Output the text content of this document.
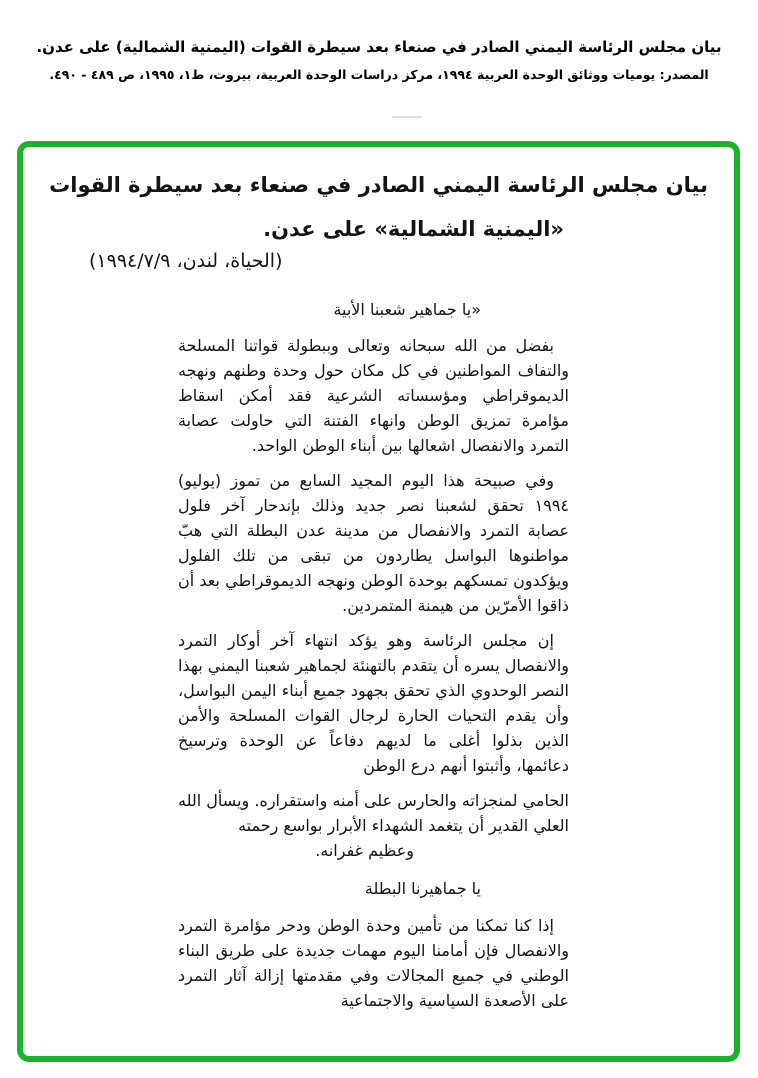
بيان مجلس الرئاسة اليمني الصادر في صنعاء بعد سيطرة القوات (اليمنية الشمالية) على عدن.
المصدر: يوميات ووثائق الوحدة العربية ١٩٩٤، مركز دراسات الوحدة العربية، بيروت، ط١، ١٩٩٥، ص ٤٨٩ - ٤٩٠.
بيان مجلس الرئاسة اليمني الصادر في صنعاء بعد سيطرة القوات
«اليمنية الشمالية» على عدن.
(الحياة، لندن، ١٩٩٤/٧/٩)
«يا جماهير شعبنا الأبية
بفضل من الله سبحانه وتعالى وببطولة قواتنا المسلحة والتفاف المواطنين في كل مكان حول وحدة وطنهم ونهجه الديموقراطي ومؤسساته الشرعية فقد أمكن اسقاط مؤامرة تمزيق الوطن وانهاء الفتنة التي حاولت عصابة التمرد والانفصال اشعالها بين أبناء الوطن الواحد.
وفي صبيحة هذا اليوم المجيد السابع من تموز (يوليو) ١٩٩٤ تحقق لشعبنا نصر جديد وذلك بإندحار آخر فلول عصابة التمرد والانفصال من مدينة عدن البطلة التي هبّ مواطنوها البواسل يطاردون من تبقى من تلك الفلول ويؤكدون تمسكهم بوحدة الوطن ونهجه الديموقراطي بعد أن ذاقوا الأمرّين من هيمنة المتمردين.
إن مجلس الرئاسة وهو يؤكد انتهاء آخر أوكار التمرد والانفصال يسره أن يتقدم بالتهنئة لجماهير شعبنا اليمني بهذا النصر الوحدوي الذي تحقق بجهود جميع أبناء اليمن البواسل، وأن يقدم التحيات الحارة لرجال القوات المسلحة والأمن الذين بذلوا أغلى ما لديهم دفاعاً عن الوحدة وترسيخ دعائمها، وأثبتوا أنهم درع الوطن
الحامي لمنجزاته والحارس على أمنه واستقراره. ويسأل الله العلي القدير أن يتغمد الشهداء الأبرار بواسع رحمته
وعظيم غفرانه.
يا جماهيرنا البطلة
إذا كنا تمكنا من تأمين وحدة الوطن ودحر مؤامرة التمرد والانفصال فإن أمامنا اليوم مهمات جديدة على طريق البناء الوطني في جميع المجالات وفي مقدمتها إزالة آثار التمرد على الأصعدة السياسية والاجتماعية
